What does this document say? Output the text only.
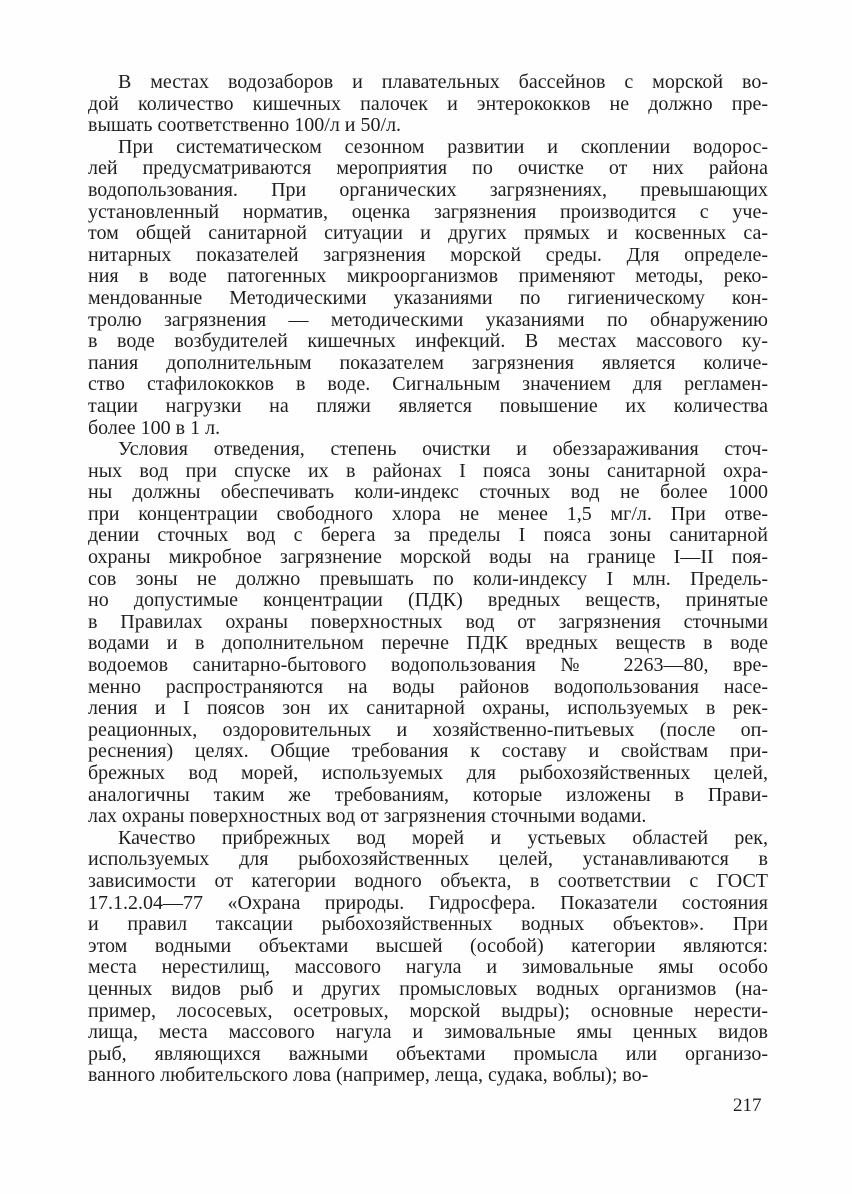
В местах водозаборов и плавательных бассейнов с морской во-
дой количество кишечных палочек и энтерококков не должно пре-
вышать соответственно 100/л и 50/л.

При систематическом сезонном развитии и скоплении водорос-
лей предусматриваются мероприятия по очистке от них района
водопользования. При органических загрязнениях, превышающих
установленный норматив, оценка загрязнения производится с уче-
том общей санитарной ситуации и других прямых и косвенных са-
нитарных показателей загрязнения морской среды. Для определе-
ния в воде патогенных микроорганизмов применяют методы, реко-
мендованные Методическими указаниями по гигиеническому кон-
тролю загрязнения — методическими указаниями по обнаружению
в воде возбудителей кишечных инфекций. В местах массового ку-
пания дополнительным показателем загрязнения является количе-
ство стафилококков в воде. Сигнальным значением для регламен-
тации нагрузки на пляжи является повышение их количества
более 100 в 1 л.

Условия отведения, степень очистки и обеззараживания сточ-
ных вод при спуске их в районах I пояса зоны санитарной охра-
ны должны обеспечивать коли-индекс сточных вод не более 1000
при концентрации свободного хлора не менее 1,5 мг/л. При отве-
дении сточных вод с берега за пределы I пояса зоны санитарной
охраны микробное загрязнение морской воды на границе I—II поя-
сов зоны не должно превышать по коли-индексу I млн. Предель-
но допустимые концентрации (ПДК) вредных веществ, принятые
в Правилах охраны поверхностных вод от загрязнения сточными
водами и в дополнительном перечне ПДК вредных веществ в воде
водоемов санитарно-бытового водопользования № 2263—80, вре-
менно распространяются на воды районов водопользования насе-
ления и I поясов зон их санитарной охраны, используемых в рек-
реационных, оздоровительных и хозяйственно-питьевых (после оп-
реснения) целях. Общие требования к составу и свойствам при-
брежных вод морей, используемых для рыбохозяйственных целей,
аналогичны таким же требованиям, которые изложены в Прави-
лах охраны поверхностных вод от загрязнения сточными водами.

Качество прибрежных вод морей и устьевых областей рек,
используемых для рыбохозяйственных целей, устанавливаются в
зависимости от категории водного объекта, в соответствии с ГОСТ
17.1.2.04—77 «Охрана природы. Гидросфера. Показатели состояния
и правил таксации рыбохозяйственных водных объектов». При
этом водными объектами высшей (особой) категории являются:
места нерестилищ, массового нагула и зимовальные ямы особо
ценных видов рыб и других промысловых водных организмов (на-
пример, лососевых, осетровых, морской выдры); основные нерести-
лища, места массового нагула и зимовальные ямы ценных видов
рыб, являющихся важными объектами промысла или организо-
ванного любительского лова (например, леща, судака, воблы); во-

217
